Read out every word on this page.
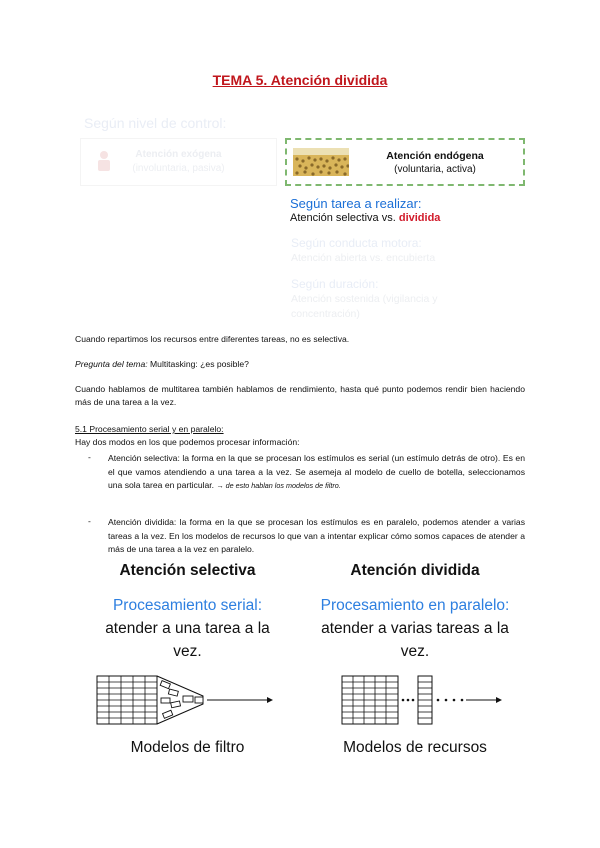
TEMA 5. Atención dividida
Según nivel de control:
Atención exógena
(involuntaria, pasiva)
Atención endógena
(voluntaria, activa)
Según tarea a realizar:
Atención selectiva vs. dividida
Según conducta motora:
Atención abierta vs. encubierta
Según duración:
Atención sostenida (vigilancia y
concentración)
Cuando repartimos los recursos entre diferentes tareas, no es selectiva.
Pregunta del tema: Multitasking: ¿es posible?
Cuando hablamos de multitarea también hablamos de rendimiento, hasta qué punto podemos rendir bien haciendo más de una tarea a la vez.
5.1 Procesamiento serial y en paralelo:
Hay dos modos en los que podemos procesar información:
- Atención selectiva: la forma en la que se procesan los estímulos es serial (un estímulo detrás de otro). Es en el que vamos atendiendo a una tarea a la vez. Se asemeja al modelo de cuello de botella, seleccionamos una sola tarea en particular. → de esto hablan los modelos de filtro.
- Atención dividida: la forma en la que se procesan los estímulos es en paralelo, podemos atender a varias tareas a la vez. En los modelos de recursos lo que van a intentar explicar cómo somos capaces de atender a más de una tarea a la vez en paralelo.
Atención selectiva	Atención dividida
Procesamiento serial:
atender a una tarea a la
vez.
Procesamiento en paralelo:
atender a varias tareas a la
vez.
Modelos de filtro	Modelos de recursos
